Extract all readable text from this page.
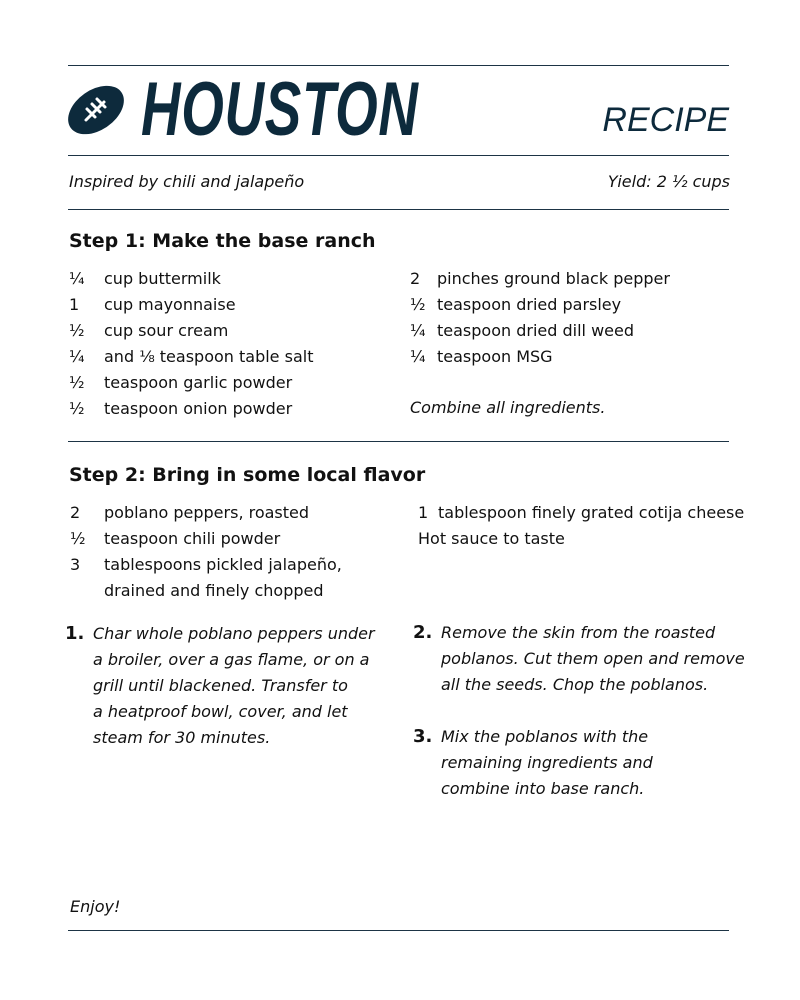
HOUSTON	RECIPE
Inspired by chili and jalapeño	Yield: 2 ½ cups
Step 1: Make the base ranch
Combine all ingredients.
Step 2: Bring in some local flavor
1 tablespoon finely grated cotija cheese
Hot sauce to taste
Enjoy!
¼ cup buttermilk
1 cup mayonnaise
½ cup sour cream
¼ and ⅛ teaspoon table salt
½ teaspoon garlic powder
½ teaspoon onion powder
2 pinches ground black pepper
½ teaspoon dried parsley
¼ teaspoon dried dill weed
¼ teaspoon MSG
2 poblano peppers, roasted
½ teaspoon chili powder
3 tablespoons pickled jalapeño,
drained and finely chopped
1. Char whole poblano peppers under
a broiler, over a gas flame, or on a
grill until blackened. Transfer to
a heatproof bowl, cover, and let
steam for 30 minutes.
2. Remove the skin from the roasted
poblanos. Cut them open and remove
all the seeds. Chop the poblanos.
3. Mix the poblanos with the
remaining ingredients and
combine into base ranch.
